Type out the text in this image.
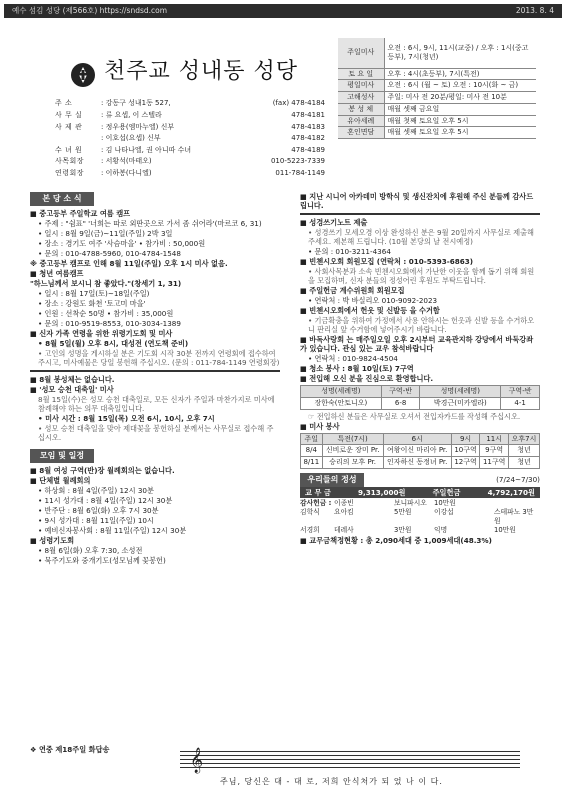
예수 섬김 성당 (제566호) https://sndsd.com	2013. 8. 4
천주교 성내동 성당
주 소	: 강동구 성내1동 527,	(fax) 478-4184
사 무 실	: 류 요셉, 이 스텔라	478-4181
사 제 관	: 정우용(엠마누엘) 신부	478-4183
: 이호섭(요셉) 신부	478-4182
수 녀 원	: 김 나타나엘, 권 아니따 수녀	478-4189
사목회장	: 서황석(마태오)	010-5223-7339
연령회장	: 이하봉(다니엘)	011-784-1149
주일미사	오전 : 6시, 9시, 11시(교중) / 오후 : 1시(중고등부), 7시(청년)
토 요 일	오후 : 4시(초등부), 7시(특전)
평일미사	오전 : 6시 (월 ~ 토) 오전 : 10시(화 ~ 금)
고해성사	주일: 미사 전 20분/평일: 미사 전 10분
봉 성 체	매월 셋째 금요일
유아세례	매월 첫째 토요일 오후 5시
혼인면담	매월 셋째 토요일 오후 5시
본 당 소 식

■ 중고등부 주일학교 여름 캠프

• 주제 : "쉼표" '너희는 따로 외딴곳으로 가서 좀 쉬어라'(마르코 6, 31)

• 일시 : 8월 9일(금)~11일(주일) 2박 3일

• 장소 : 경기도 여주 '사슴마을' • 참가비 : 50,000원

• 문의 : 010-4788-5960, 010-4784-1548

※ 중고등부 캠프로 인해 8월 11일(주일) 오후 1시 미사 없음.

■ 청년 여름캠프

"하느님께서 보시니 참 좋았다."(창세기 1, 31)

• 일시 : 8월 17일(토)~18일(주일)

• 장소 : 강원도 화천 '토고미 마을'

• 인원 : 선착순 50명 • 참가비 : 35,000원

• 문의 : 010-9519-8553, 010-3034-1389

■ 신자 가족 연령을 위한 위령기도회 및 미사

• 8월 5일(월) 오후 8시, 대성전 (연도책 준비)

• 고인의 성명을 게시하실 분은 기도회 시작 30분 전까지 연령회에 접수하여 주시고, 미사예물은 당일 봉헌해 주십시오. (문의 : 011-784-1149 연령회장)

■ 8월 봉성체는 없습니다.

■ '성모 승천 대축일' 미사

8월 15일(수)은 성모 승천 대축일로, 모든 신자가 주일과 마찬가지로 미사에 참례해야 하는 의무 대축일입니다.

• 미사 시간 : 8월 15일(목) 오전 6시, 10시, 오후 7시

• 성모 승천 대축일을 맞아 제대꽃을 봉헌하실 분께서는 사무실로 접수해 주십시오.

모임 및 일정

■ 8월 여성 구역(반)장 월례회의는 없습니다.

■ 단체별 월례회의

• 하상회 : 8월 4일(주일) 12시 30분

• 11시 성가대 : 8월 4일(주일) 12시 30분

• 반주단 : 8월 6일(화) 오후 7시 30분

• 9시 성가대 : 8월 11일(주일) 10시

• 예비신자봉사회 : 8월 11일(주일) 12시 30분

■ 성령기도회

• 8월 6일(화) 오후 7:30, 소성전

• 묵주기도와 중개기도(성모님께 꽃봉헌)

■ 지난 시니어 아카데미 방학식 및 생신잔치에 후원해 주신 분들께 감사드립니다.

■ 성경쓰기노트 제출

• 성경쓰기 모세오경 이상 완성하신 분은 9월 20일까지 사무실로 제출해 주세요. 제본해 드립니다. (10월 본당의 날 전시예정)

• 문의 : 010-3211-4364

■ 빈첸시오회 회원모집 (연락처 : 010-5393-6863)

• 사회사목분과 소속 빈첸시오회에서 가난한 이웃을 함께 돕기 위해 회원을 모집하며, 신자 분들의 정성어린 후원도 부탁드립니다.

■ 주일헌금 계수위원회 회원모집

• 연락처 : 박 바실리오 010-9092-2023

■ 빈첸시오회에서 헌옷 및 신발등 을 수거함

• 기금확충을 위하여 가정에서 사용 안하시는 헌옷과 신발 등을 수거하오니 판리실 앞 수거함에 넣어주시기 바랍니다.

■ 바독사랑회 는 매주일오일 오후 2시부터 교육관지하 강당에서 바둑강좌가 있습니다. 관심 있는 교우 참석바랍니다

• 연락처 : 010-9824-4504

■ 청소 봉사 : 8월 10일(토) 7구역

■ 전입해 오신 분을 진심으로 환영합니다.

성명(세례명)	구역-반	성명(세례명)	구역-반
장한숙(안토니오)	6-8	박경근(미카엘라)	4-1

☞ 전입하신 분들은 사무실로 오셔서 전입자카드를 작성해 주십시오.

■ 미사 봉사

주일	특전(7시)	6시	9시	11시	오후7시
8/4	신비로운 장미 Pr.	여왕이신 마리아 Pr.	10구역	9구역	청년
8/11	승리의 모후 Pr.	인자하신 동정녀 Pr.	12구역	11구역	청년
우리들의 정성	(7/24~7/30)
교 무 금	9,313,000원	주일헌금	4,792,170원
감사헌금 : 이종빈	보니파시오	10만원
김학식	요아킴	5만원	이강섭	스테파노 3만원
서경희	데레사	3만원	익명	10만원

■ 교무금책정현황 : 총 2,090세대 중 1,009세대(48.3%)

❖ 연중 제18주일 화답송	𝄞
주님, 당신은 대 - 대 로, 저희 안식처가 되 었 나 이 다.
